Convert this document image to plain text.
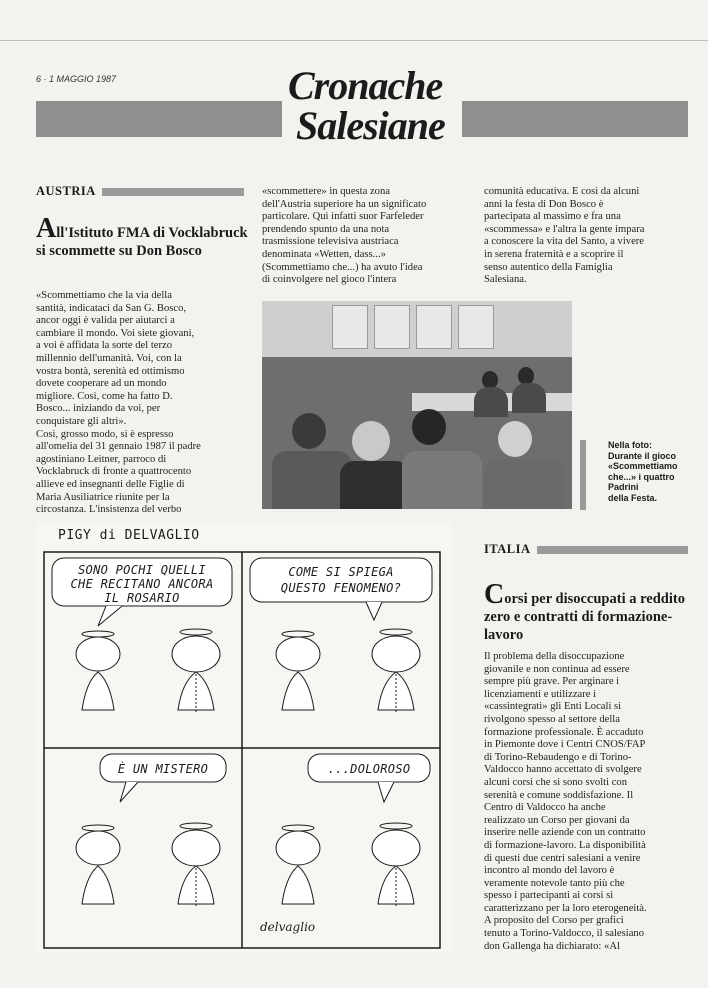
6 · 1 MAGGIO 1987	Cronache
Salesiane
AUSTRIA
All'Istituto FMA di Vocklabruck si scommette su Don Bosco
«Scommettiamo che la via della
santità, indicataci da San G. Bosco,
ancor oggi è valida per aiutarci a
cambiare il mondo. Voi siete giovani,
a voi è affidata la sorte del terzo
millennio dell'umanità. Voi, con la
vostra bontà, serenità ed ottimismo
dovete cooperare ad un mondo
migliore. Così, come ha fatto D.
Bosco... iniziando da voi, per
conquistare gli altri».
Così, grosso modo, si è espresso
all'omelia del 31 gennaio 1987 il padre
agostiniano Leitner, parroco di
Vocklabruck di fronte a quattrocento
allieve ed insegnanti delle Figlie di
Maria Ausiliatrice riunite per la
circostanza. L'insistenza del verbo
«scommettere» in questa zona
dell'Austria superiore ha un significato
particolare. Qui infatti suor Farfeleder
prendendo spunto da una nota
trasmissione televisiva austriaca
denominata «Wetten, dass...»
(Scommettiamo che...) ha avuto l'idea
di coinvolgere nel gioco l'intera
comunità educativa. E così da alcuni
anni la festa di Don Bosco è
partecipata al massimo e fra una
«scommessa» e l'altra la gente impara
a conoscere la vita del Santo, a vivere
in serena fraternità e a scoprire il
senso autentico della Famiglia
Salesiana.
Nella foto:
Durante il gioco
«Scommettiamo
che...» i quattro
Padrini
della Festa.
PIGY di DELVAGLIO
SONO POCHI QUELLI
CHE RECITANO ANCORA
IL ROSARIO
COME SI SPIEGA
QUESTO FENOMENO?
È UN MISTERO	...DOLOROSO
delvaglio
ITALIA
Corsi per disoccupati a reddito zero e contratti di formazione-lavoro
Il problema della disoccupazione
giovanile e non continua ad essere
sempre più grave. Per arginare i
licenziamenti e utilizzare i
«cassintegrati» gli Enti Locali si
rivolgono spesso al settore della
formazione professionale. È accaduto
in Piemonte dove i Centri CNOS/FAP
di Torino-Rebaudengo e di Torino-
Valdocco hanno accettato di svolgere
alcuni corsi che si sono svolti con
serenità e comune soddisfazione. Il
Centro di Valdocco ha anche
realizzato un Corso per giovani da
inserire nelle aziende con un contratto
di formazione-lavoro. La disponibilità
di questi due centri salesiani a venire
incontro al mondo del lavoro è
veramente notevole tanto più che
spesso i partecipanti ai corsi si
caratterizzano per la loro eterogeneità.
A proposito del Corso per grafici
tenuto a Torino-Valdocco, il salesiano
don Gallenga ha dichiarato: «Al
